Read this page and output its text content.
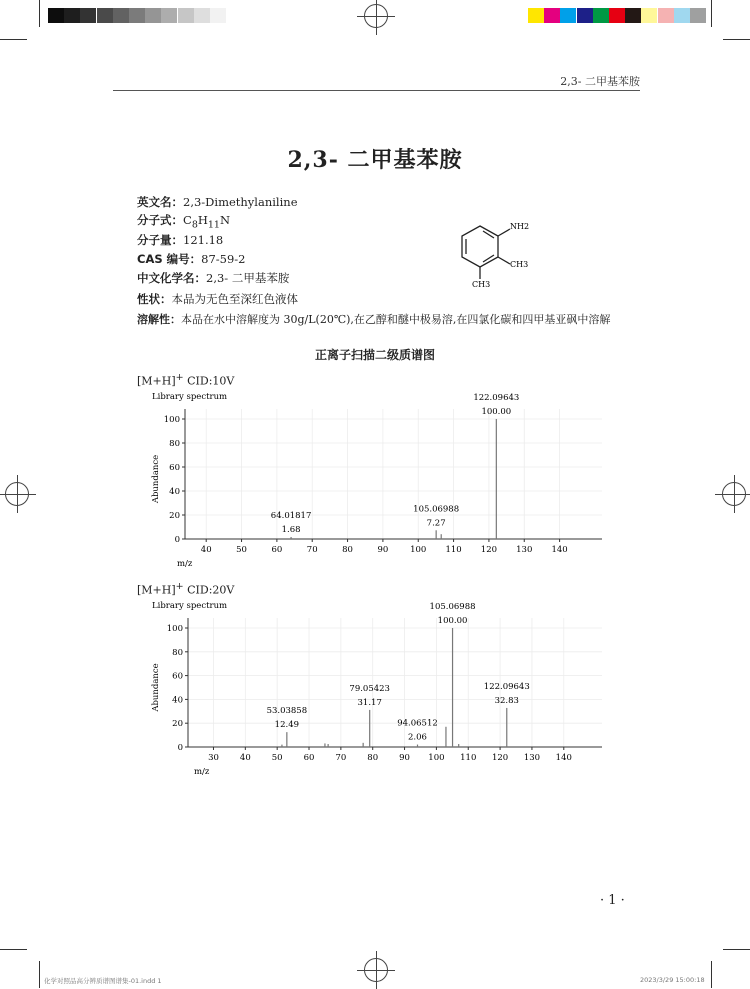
2,3- 二甲基苯胺
2,3- 二甲基苯胺
英文名：2,3-Dimethylaniline
分子式：$C_8H_{11}N$
分子量：121.18
CAS 编号：87-59-2
中文化学名：2,3- 二甲基苯胺
性状：本品为无色至深红色液体
溶解性：本品在水中溶解度为 30g/L(20℃),在乙醇和醚中极易溶,在四氯化碳和四甲基亚砜中溶解
NH2
CH3
CH3
正离子扫描二级质谱图
[M+H]+ CID:10V
Library spectrum
0
20
40
60
80
100
40	50	60	70	80	90	100 110 120 130 140
Abundance
m/z
64.01817
1.68
105.06988
7.27
122.09643
100.00
[M+H]+ CID:20V
Library spectrum
0
20
40
60
80
100
30 40 50 60 70 80 90 100 110 120 130 140
Abundance
m/z
53.03858
12.49
79.05423
31.17
94.06512
2.06
105.06988
100.00
122.09643
32.83
· 1 ·
化学对照品高分辨质谱图谱集-01.indd 1	2023/3/29 15:00:18
